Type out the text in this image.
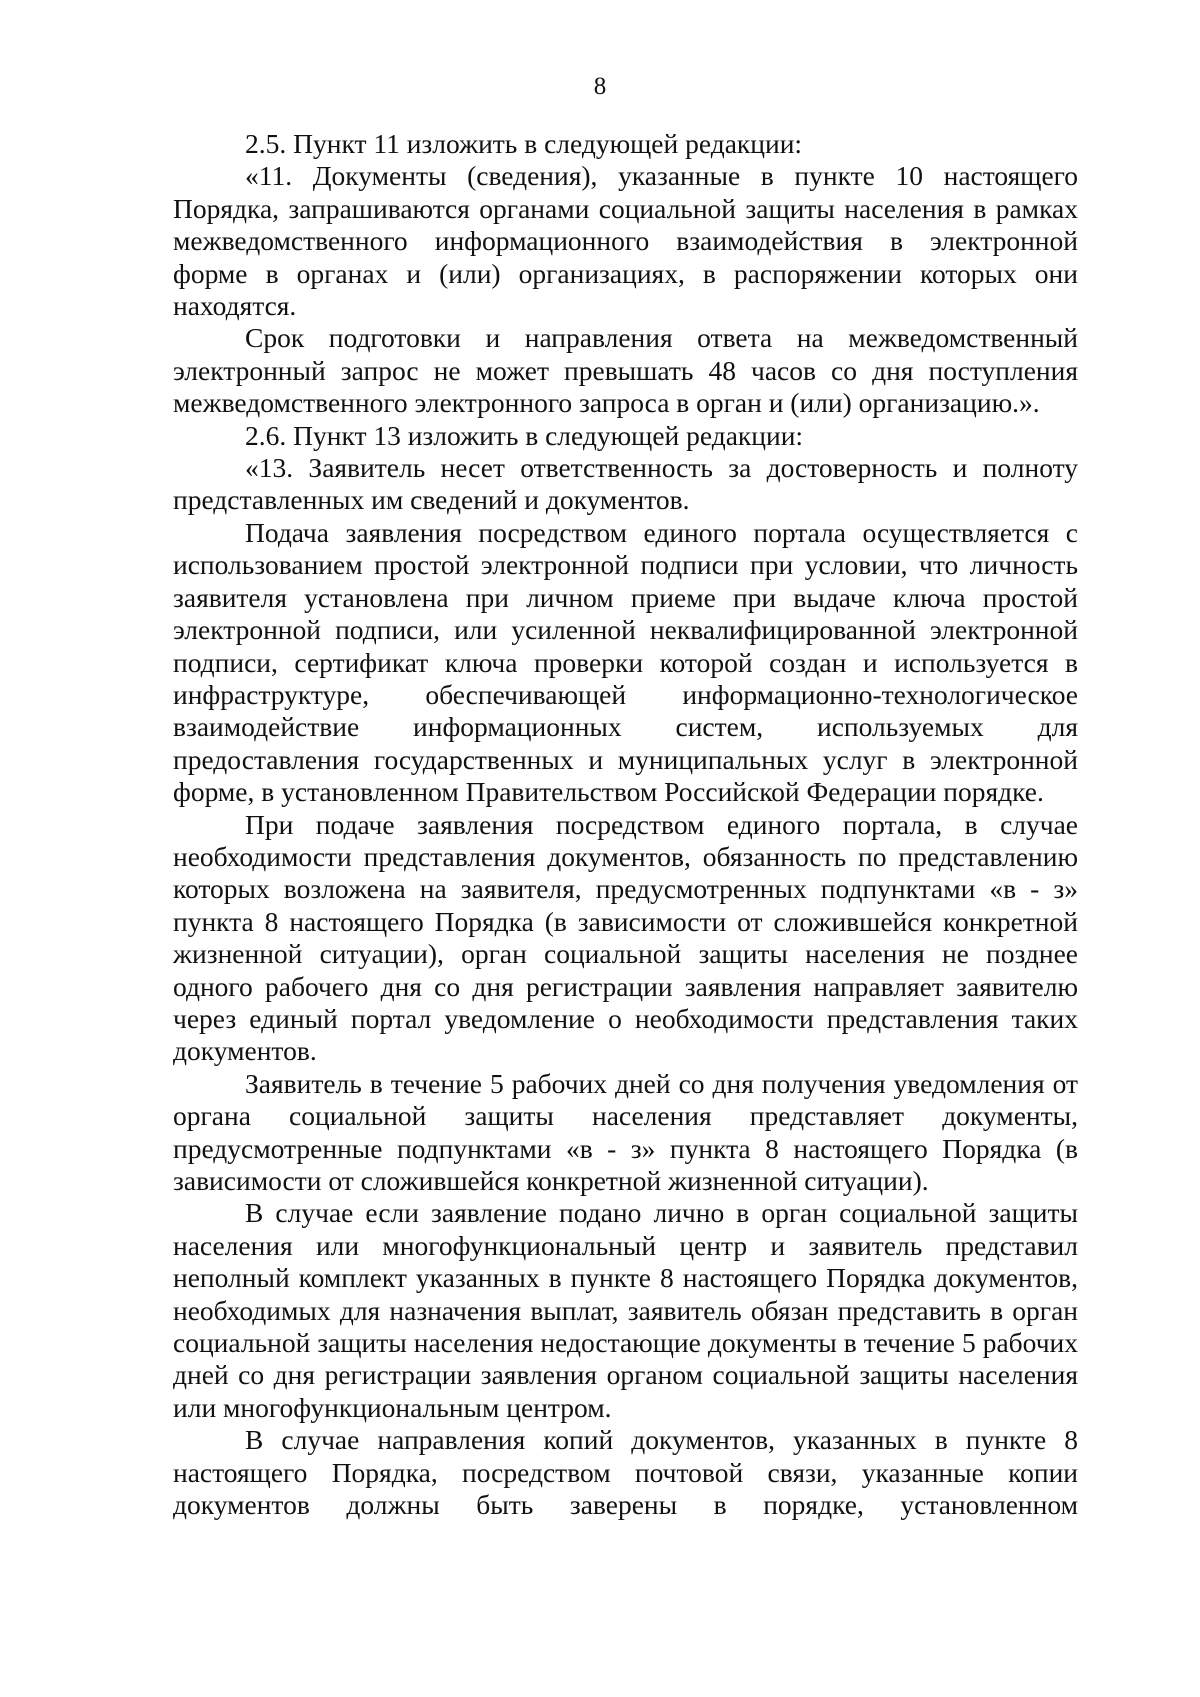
8

2.5. Пункт 11 изложить в следующей редакции:

«11. Документы (сведения), указанные в пункте 10 настоящего Порядка, запрашиваются органами социальной защиты населения в рамках межведомственного информационного взаимодействия в электронной форме в органах и (или) организациях, в распоряжении которых они находятся.

Срок подготовки и направления ответа на межведомственный электронный запрос не может превышать 48 часов со дня поступления межведомственного электронного запроса в орган и (или) организацию.».

2.6. Пункт 13 изложить в следующей редакции:

«13. Заявитель несет ответственность за достоверность и полноту представленных им сведений и документов.

Подача заявления посредством единого портала осуществляется с использованием простой электронной подписи при условии, что личность заявителя установлена при личном приеме при выдаче ключа простой электронной подписи, или усиленной неквалифицированной электронной подписи, сертификат ключа проверки которой создан и используется в инфраструктуре, обеспечивающей информационно-технологическое взаимодействие информационных систем, используемых для предоставления государственных и муниципальных услуг в электронной форме, в установленном Правительством Российской Федерации порядке.

При подаче заявления посредством единого портала, в случае необходимости представления документов, обязанность по представлению которых возложена на заявителя, предусмотренных подпунктами «в - з» пункта 8 настоящего Порядка (в зависимости от сложившейся конкретной жизненной ситуации), орган социальной защиты населения не позднее одного рабочего дня со дня регистрации заявления направляет заявителю через единый портал уведомление о необходимости представления таких документов.

Заявитель в течение 5 рабочих дней со дня получения уведомления от органа социальной защиты населения представляет документы, предусмотренные подпунктами «в - з» пункта 8 настоящего Порядка (в зависимости от сложившейся конкретной жизненной ситуации).

В случае если заявление подано лично в орган социальной защиты населения или многофункциональный центр и заявитель представил неполный комплект указанных в пункте 8 настоящего Порядка документов, необходимых для назначения выплат, заявитель обязан представить в орган социальной защиты населения недостающие документы в течение 5 рабочих дней со дня регистрации заявления органом социальной защиты населения или многофункциональным центром.

В случае направления копий документов, указанных в пункте 8 настоящего Порядка, посредством почтовой связи, указанные копии документов должны быть заверены в порядке, установленном
